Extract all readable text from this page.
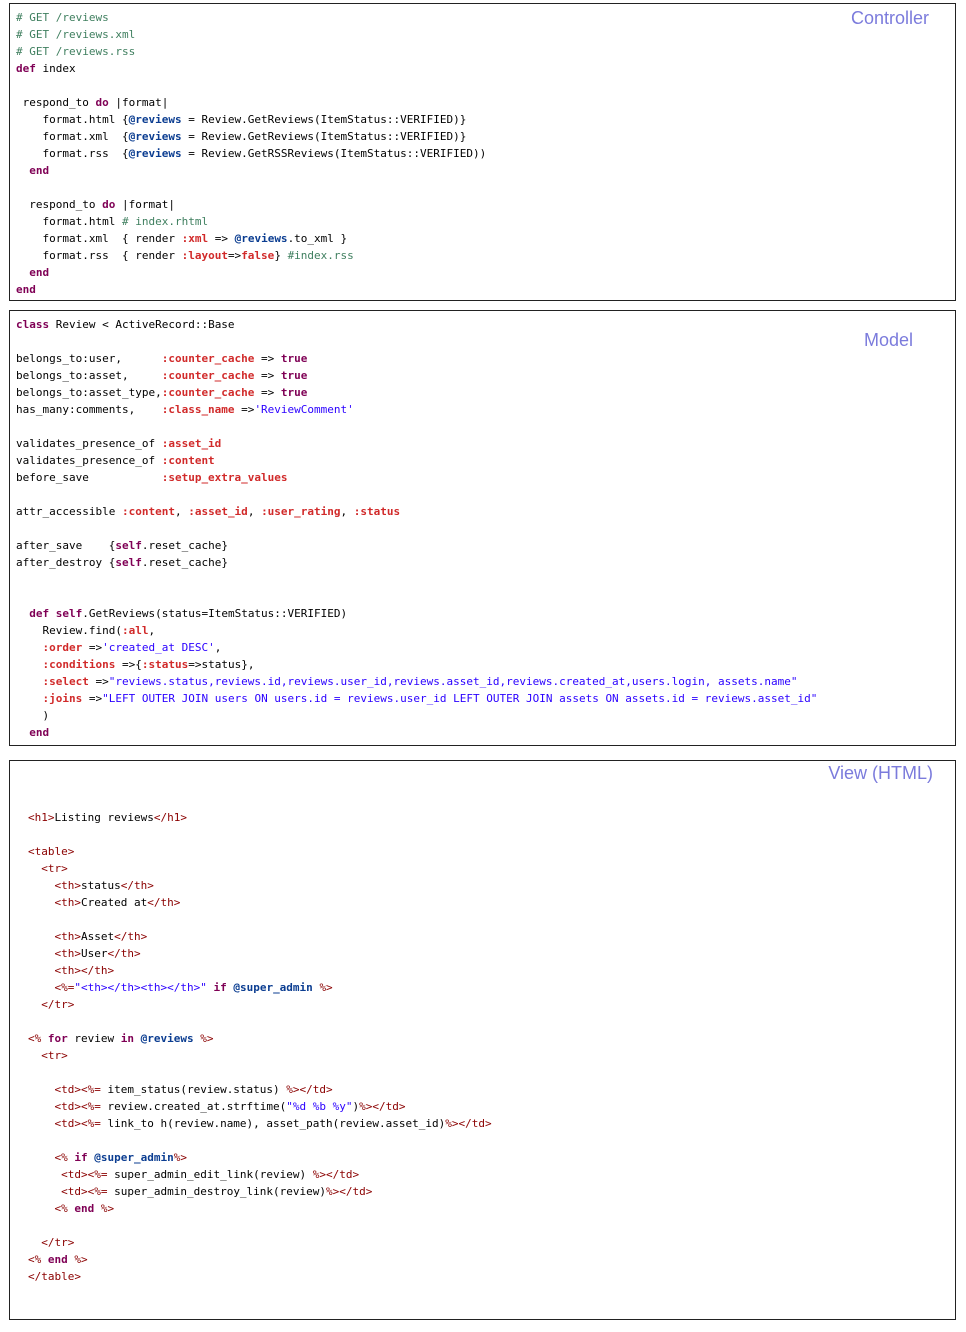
Controller
# GET /reviews
# GET /reviews.xml
# GET /reviews.rss
def index
respond_to do |format|
format.html {@reviews = Review.GetReviews(ItemStatus::VERIFIED)}
format.xml  {@reviews = Review.GetReviews(ItemStatus::VERIFIED)}
format.rss  {@reviews = Review.GetRSSReviews(ItemStatus::VERIFIED))
end
respond_to do |format|
format.html # index.rhtml
format.xml  { render :xml => @reviews.to_xml }
format.rss  { render :layout=>false} #index.rss
end
end
Model
class Review < ActiveRecord::Base
belongs_to:user,      :counter_cache => true
belongs_to:asset,     :counter_cache => true
belongs_to:asset_type,:counter_cache => true
has_many:comments,    :class_name =>'ReviewComment'
validates_presence_of :asset_id
validates_presence_of :content
before_save           :setup_extra_values
attr_accessible :content, :asset_id, :user_rating, :status
after_save    {self.reset_cache}
after_destroy {self.reset_cache}
def self.GetReviews(status=ItemStatus::VERIFIED)
Review.find(:all,
:order =>'created_at DESC',
:conditions =>{:status=>status},
:select =>"reviews.status,reviews.id,reviews.user_id,reviews.asset_id,reviews.created_at,users.login, assets.name"
:joins =>"LEFT OUTER JOIN users ON users.id = reviews.user_id LEFT OUTER JOIN assets ON assets.id = reviews.asset_id"
)
end
View (HTML)
<h1>Listing reviews</h1>
<table>
<tr>
<th>status</th>
<th>Created at</th>
<th>Asset</th>
<th>User</th>
<th></th>
<%="<th></th><th></th>" if @super_admin %>
</tr>
<% for review in @reviews %>
<tr>
<td><%= item_status(review.status) %></td>
<td><%= review.created_at.strftime("%d %b %y")%></td>
<td><%= link_to h(review.name), asset_path(review.asset_id)%></td>
<% if @super_admin%>
<td><%= super_admin_edit_link(review) %></td>
<td><%= super_admin_destroy_link(review)%></td>
<% end %>
</tr>
<% end %>
</table>
